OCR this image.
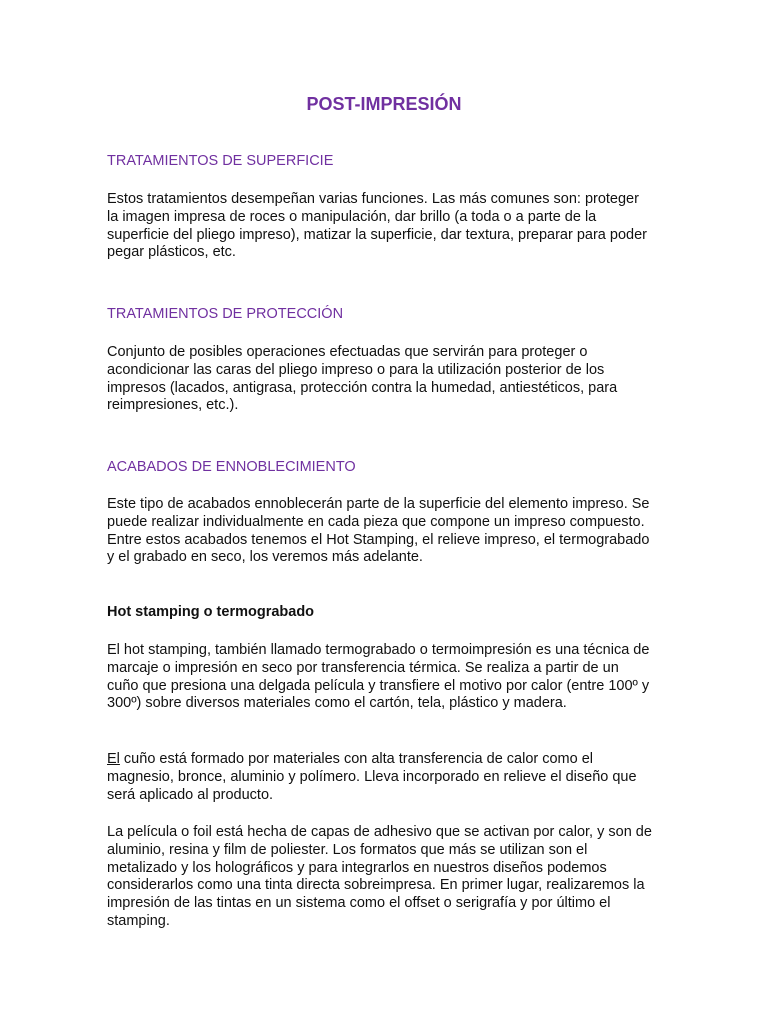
POST-IMPRESIÓN
TRATAMIENTOS DE SUPERFICIE

Estos tratamientos desempeñan varias funciones. Las más comunes son: proteger la imagen impresa de roces o manipulación, dar brillo (a toda o a parte de la superficie del pliego impreso), matizar la superficie, dar textura, preparar para poder pegar plásticos, etc.

TRATAMIENTOS DE PROTECCIÓN

Conjunto de posibles operaciones efectuadas que servirán para proteger o acondicionar las caras del pliego impreso o para la utilización posterior de los impresos (lacados, antigrasa, protección contra la humedad, antiestéticos, para reimpresiones, etc.).

ACABADOS DE ENNOBLECIMIENTO

Este tipo de acabados ennoblecerán parte de la superficie del elemento impreso. Se puede realizar individualmente en cada pieza que compone un impreso compuesto. Entre estos acabados tenemos el Hot Stamping, el relieve impreso, el termograbado y el grabado en seco, los veremos más adelante.

Hot stamping o termograbado

El hot stamping, también llamado termograbado o termoimpresión es una técnica de marcaje o impresión en seco por transferencia térmica. Se realiza a partir de un cuño que presiona una delgada película y transfiere el motivo por calor (entre 100º y 300º) sobre diversos materiales como el cartón, tela, plástico y madera.

El cuño está formado por materiales con alta transferencia de calor como el magnesio, bronce, aluminio y polímero. Lleva incorporado en relieve el diseño que será aplicado al producto.

La película o foil está hecha de capas de adhesivo que se activan por calor, y son de aluminio, resina y film de poliester. Los formatos que más se utilizan son el metalizado y los holográficos y para integrarlos en nuestros diseños podemos considerarlos como una tinta directa sobreimpresa. En primer lugar, realizaremos la impresión de las tintas en un sistema como el offset o serigrafía y por último el stamping.
